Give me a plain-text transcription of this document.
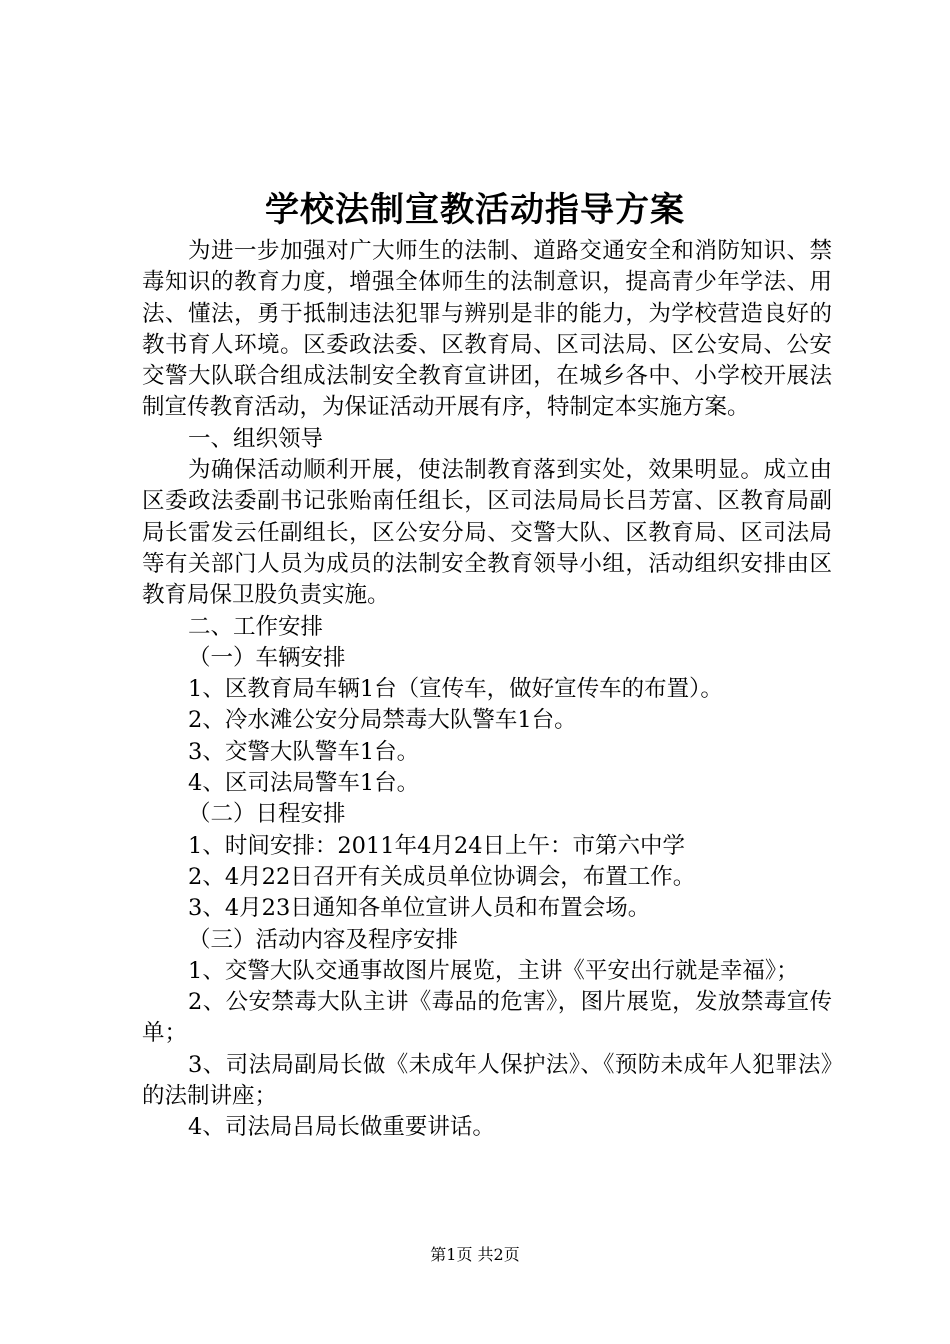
学校法制宣教活动指导方案

为进一步加强对广大师生的法制、道路交通安全和消防知识、禁毒知识的教育力度，增强全体师生的法制意识，提高青少年学法、用法、懂法，勇于抵制违法犯罪与辨别是非的能力，为学校营造良好的教书育人环境。区委政法委、区教育局、区司法局、区公安局、公安交警大队联合组成法制安全教育宣讲团，在城乡各中、小学校开展法制宣传教育活动，为保证活动开展有序，特制定本实施方案。

一、组织领导

为确保活动顺利开展，使法制教育落到实处，效果明显。成立由区委政法委副书记张贻南任组长，区司法局局长吕芳富、区教育局副局长雷发云任副组长，区公安分局、交警大队、区教育局、区司法局等有关部门人员为成员的法制安全教育领导小组，活动组织安排由区教育局保卫股负责实施。

二、工作安排

（一）车辆安排

1、区教育局车辆1台（宣传车，做好宣传车的布置）。

2、冷水滩公安分局禁毒大队警车1台。

3、交警大队警车1台。

4、区司法局警车1台。

（二）日程安排

1、时间安排：2011年4月24日上午：市第六中学

2、4月22日召开有关成员单位协调会，布置工作。

3、4月23日通知各单位宣讲人员和布置会场。

（三）活动内容及程序安排

1、交警大队交通事故图片展览，主讲《平安出行就是幸福》；

2、公安禁毒大队主讲《毒品的危害》，图片展览，发放禁毒宣传单；

3、司法局副局长做《未成年人保护法》、《预防未成年人犯罪法》的法制讲座；

4、司法局吕局长做重要讲话。

第1页 共2页
